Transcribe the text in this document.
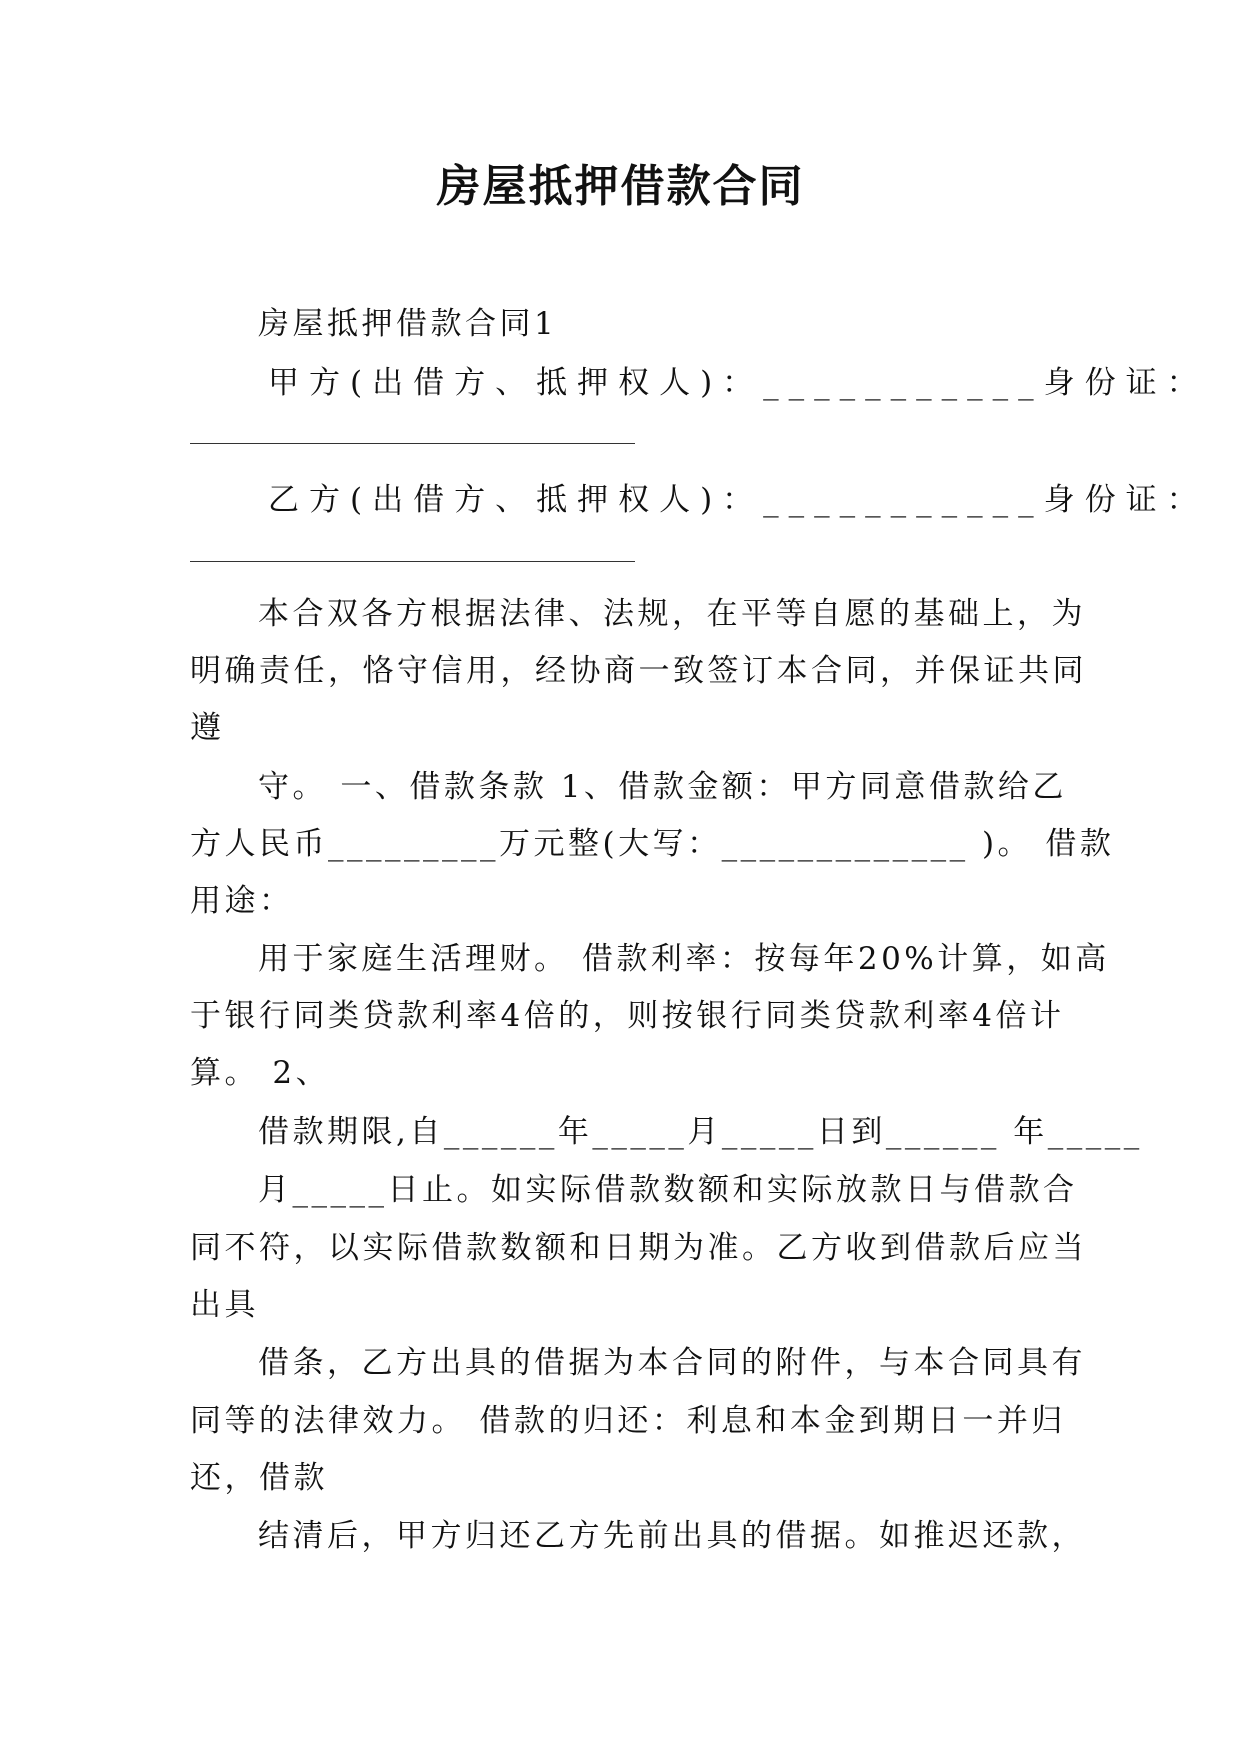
房屋抵押借款合同

房屋抵押借款合同1

甲方(出借方、抵押权人)：___________身份证：

乙方(出借方、抵押权人)：___________身份证：

本合双各方根据法律、法规，在平等自愿的基础上，为

明确责任，恪守信用，经协商一致签订本合同，并保证共同

遵

守。 一、借款条款 1、借款金额：甲方同意借款给乙

方人民币_________万元整(大写：_____________ )。 借款

用途：

用于家庭生活理财。 借款利率：按每年20%计算，如高

于银行同类贷款利率4倍的，则按银行同类贷款利率4倍计

算。 2、

借款期限,自______年_____月_____日到______ 年_____

月_____日止。如实际借款数额和实际放款日与借款合

同不符，以实际借款数额和日期为准。乙方收到借款后应当

出具

借条，乙方出具的借据为本合同的附件，与本合同具有

同等的法律效力。 借款的归还：利息和本金到期日一并归

还，借款

结清后，甲方归还乙方先前出具的借据。如推迟还款，
